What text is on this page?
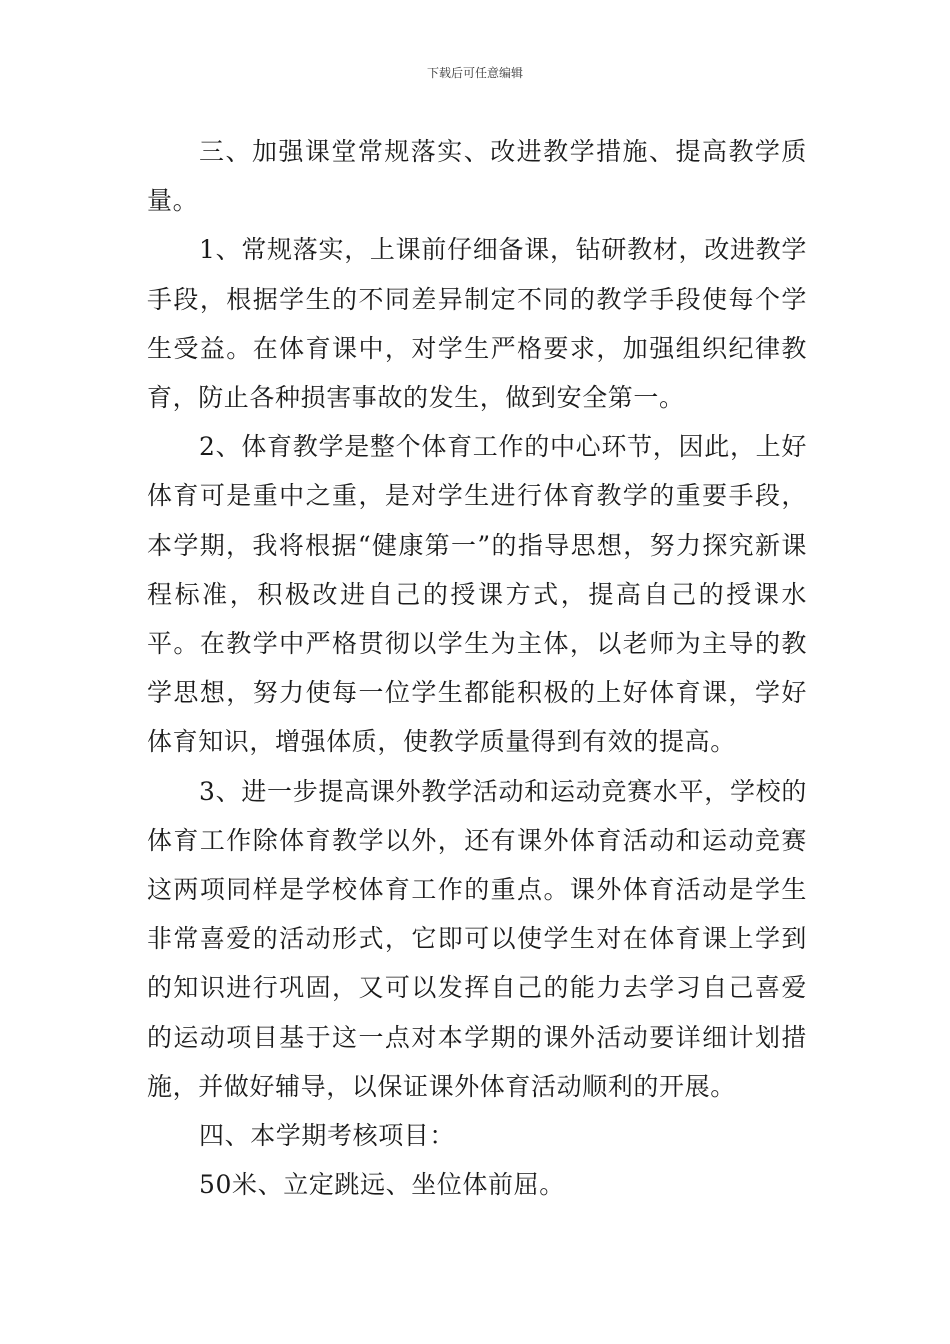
下载后可任意编辑

三、加强课堂常规落实、改进教学措施、提高教学质量。

1、常规落实，上课前仔细备课，钻研教材，改进教学手段，根据学生的不同差异制定不同的教学手段使每个学生受益。在体育课中，对学生严格要求，加强组织纪律教育，防止各种损害事故的发生，做到安全第一。

2、体育教学是整个体育工作的中心环节，因此，上好体育可是重中之重，是对学生进行体育教学的重要手段，本学期，我将根据“健康第一”的指导思想，努力探究新课程标准，积极改进自己的授课方式，提高自己的授课水平。在教学中严格贯彻以学生为主体，以老师为主导的教学思想，努力使每一位学生都能积极的上好体育课，学好体育知识，增强体质，使教学质量得到有效的提高。

3、进一步提高课外教学活动和运动竞赛水平，学校的体育工作除体育教学以外，还有课外体育活动和运动竞赛这两项同样是学校体育工作的重点。课外体育活动是学生非常喜爱的活动形式，它即可以使学生对在体育课上学到的知识进行巩固，又可以发挥自己的能力去学习自己喜爱的运动项目基于这一点对本学期的课外活动要详细计划措施，并做好辅导，以保证课外体育活动顺利的开展。

四、本学期考核项目：

50米、立定跳远、坐位体前屈。
